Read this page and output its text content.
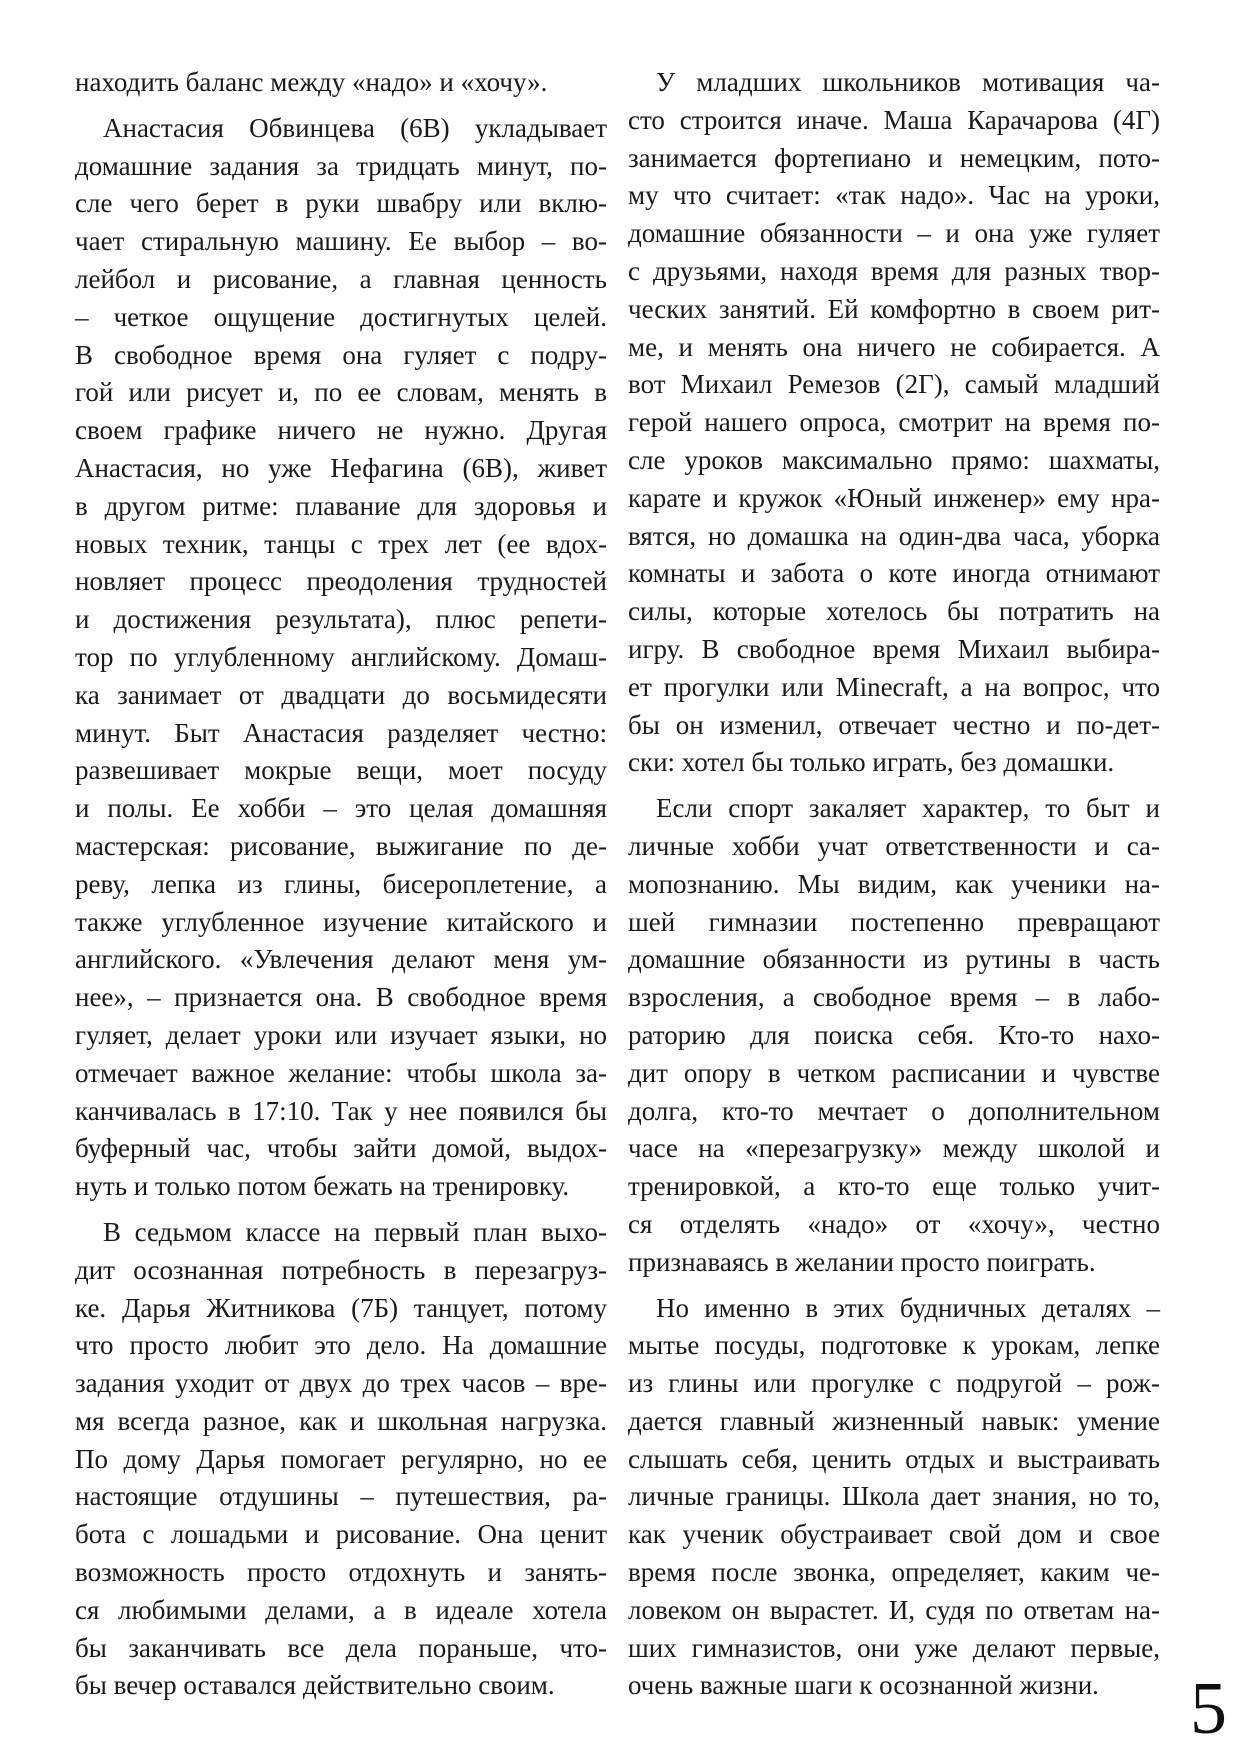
находить баланс между «надо» и «хочу».
Анастасия Обвинцева (6В) укладывает
домашние задания за тридцать минут, по-
сле чего берет в руки швабру или вклю-
чает стиральную машину. Ее выбор – во-
лейбол и рисование, а главная ценность
– четкое ощущение достигнутых целей.
В свободное время она гуляет с подру-
гой или рисует и, по ее словам, менять в
своем графике ничего не нужно. Другая
Анастасия, но уже Нефагина (6В), живет
в другом ритме: плавание для здоровья и
новых техник, танцы с трех лет (ее вдох-
новляет процесс преодоления трудностей
и достижения результата), плюс репети-
тор по углубленному английскому. Домаш-
ка занимает от двадцати до восьмидесяти
минут. Быт Анастасия разделяет честно:
развешивает мокрые вещи, моет посуду
и полы. Ее хобби – это целая домашняя
мастерская: рисование, выжигание по де-
реву, лепка из глины, бисероплетение, а
также углубленное изучение китайского и
английского. «Увлечения делают меня ум-
нее», – признается она. В свободное время
гуляет, делает уроки или изучает языки, но
отмечает важное желание: чтобы школа за-
канчивалась в 17:10. Так у нее появился бы
буферный час, чтобы зайти домой, выдох-
нуть и только потом бежать на тренировку.
В седьмом классе на первый план выхо-
дит осознанная потребность в перезагруз-
ке. Дарья Житникова (7Б) танцует, потому
что просто любит это дело. На домашние
задания уходит от двух до трех часов – вре-
мя всегда разное, как и школьная нагрузка.
По дому Дарья помогает регулярно, но ее
настоящие отдушины – путешествия, ра-
бота с лошадьми и рисование. Она ценит
возможность просто отдохнуть и занять-
ся любимыми делами, а в идеале хотела
бы заканчивать все дела пораньше, что-
бы вечер оставался действительно своим.
У младших школьников мотивация ча-
сто строится иначе. Маша Карачарова (4Г)
занимается фортепиано и немецким, пото-
му что считает: «так надо». Час на уроки,
домашние обязанности – и она уже гуляет
с друзьями, находя время для разных твор-
ческих занятий. Ей комфортно в своем рит-
ме, и менять она ничего не собирается. А
вот Михаил Ремезов (2Г), самый младший
герой нашего опроса, смотрит на время по-
сле уроков максимально прямо: шахматы,
карате и кружок «Юный инженер» ему нра-
вятся, но домашка на один-два часа, уборка
комнаты и забота о коте иногда отнимают
силы, которые хотелось бы потратить на
игру. В свободное время Михаил выбира-
ет прогулки или Minecraft, а на вопрос, что
бы он изменил, отвечает честно и по-дет-
ски: хотел бы только играть, без домашки.
Если спорт закаляет характер, то быт и
личные хобби учат ответственности и са-
мопознанию. Мы видим, как ученики на-
шей гимназии постепенно превращают
домашние обязанности из рутины в часть
взросления, а свободное время – в лабо-
раторию для поиска себя. Кто-то нахо-
дит опору в четком расписании и чувстве
долга, кто-то мечтает о дополнительном
часе на «перезагрузку» между школой и
тренировкой, а кто-то еще только учит-
ся отделять «надо» от «хочу», честно
признаваясь в желании просто поиграть.
Но именно в этих будничных деталях –
мытье посуды, подготовке к урокам, лепке
из глины или прогулке с подругой – рож-
дается главный жизненный навык: умение
слышать себя, ценить отдых и выстраивать
личные границы. Школа дает знания, но то,
как ученик обустраивает свой дом и свое
время после звонка, определяет, каким че-
ловеком он вырастет. И, судя по ответам на-
ших гимназистов, они уже делают первые,
очень важные шаги к осознанной жизни.	5
